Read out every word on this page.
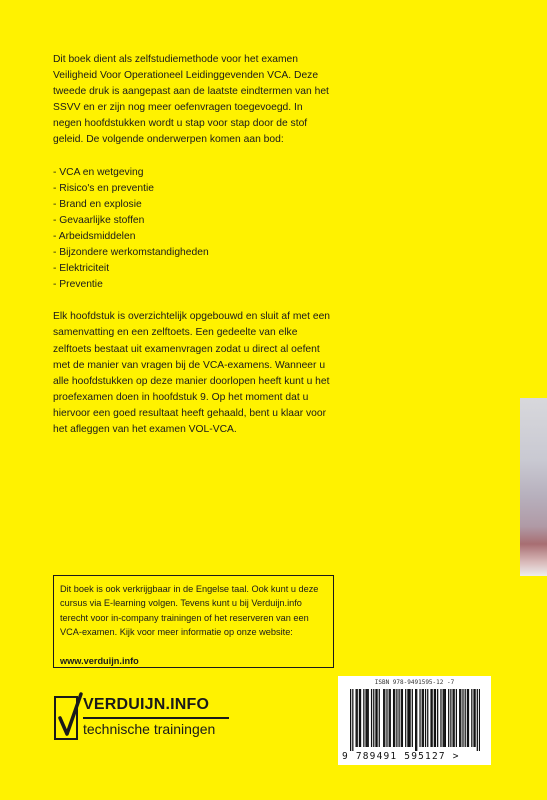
Dit boek dient als zelfstudiemethode voor het examen Veiligheid Voor Operationeel Leidinggevenden VCA. Deze tweede druk is aangepast aan de laatste eindtermen van het SSVV en er zijn nog meer oefenvragen toegevoegd. In negen hoofdstukken wordt u stap voor stap door de stof geleid. De volgende onderwerpen komen aan bod:

- VCA en wetgeving
- Risico's en preventie
- Brand en explosie
- Gevaarlijke stoffen
- Arbeidsmiddelen
- Bijzondere werkomstandigheden
- Elektriciteit
- Preventie

Elk hoofdstuk is overzichtelijk opgebouwd en sluit af met een samenvatting en een zelftoets. Een gedeelte van elke zelftoets bestaat uit examenvragen zodat u direct al oefent met de manier van vragen bij de VCA-examens. Wanneer u alle hoofdstukken op deze manier doorlopen heeft kunt u het proefexamen doen in hoofdstuk 9. Op het moment dat u hiervoor een goed resultaat heeft gehaald, bent u klaar voor het afleggen van het examen VOL-VCA.

Dit boek is ook verkrijgbaar in de Engelse taal. Ook kunt u deze cursus via E-learning volgen. Tevens kunt u bij Verduijn.info terecht voor in-company trainingen of het reserveren van een VCA-examen. Kijk voor meer informatie op onze website:

www.verduijn.info

VERDUIJN.INFO
technische trainingen
ISBN 978-9491595-12 -7
9 789491 595127 >
